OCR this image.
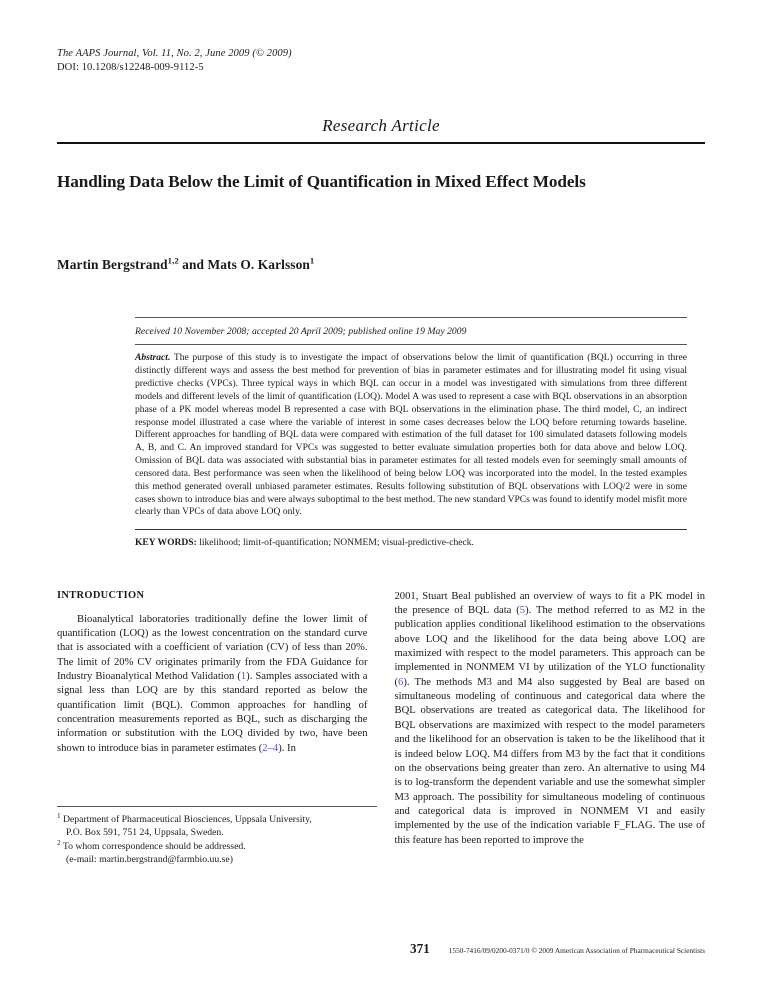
The AAPS Journal, Vol. 11, No. 2, June 2009 (© 2009)
DOI: 10.1208/s12248-009-9112-5
Research Article
Handling Data Below the Limit of Quantification in Mixed Effect Models
Martin Bergstrand$^{1,2}$ and Mats O. Karlsson$^1$
Received 10 November 2008; accepted 20 April 2009; published online 19 May 2009

Abstract. The purpose of this study is to investigate the impact of observations below the limit of quantification (BQL) occurring in three distinctly different ways and assess the best method for prevention of bias in parameter estimates and for illustrating model fit using visual predictive checks (VPCs). Three typical ways in which BQL can occur in a model was investigated with simulations from three different models and different levels of the limit of quantification (LOQ). Model A was used to represent a case with BQL observations in an absorption phase of a PK model whereas model B represented a case with BQL observations in the elimination phase. The third model, C, an indirect response model illustrated a case where the variable of interest in some cases decreases below the LOQ before returning towards baseline. Different approaches for handling of BQL data were compared with estimation of the full dataset for 100 simulated datasets following models A, B, and C. An improved standard for VPCs was suggested to better evaluate simulation properties both for data above and below LOQ. Omission of BQL data was associated with substantial bias in parameter estimates for all tested models even for seemingly small amounts of censored data. Best performance was seen when the likelihood of being below LOQ was incorporated into the model. In the tested examples this method generated overall unbiased parameter estimates. Results following substitution of BQL observations with LOQ/2 were in some cases shown to introduce bias and were always suboptimal to the best method. The new standard VPCs was found to identify model misfit more clearly than VPCs of data above LOQ only.

KEY WORDS: likelihood; limit-of-quantification; NONMEM; visual-predictive-check.
INTRODUCTION

Bioanalytical laboratories traditionally define the lower limit of quantification (LOQ) as the lowest concentration on the standard curve that is associated with a coefficient of variation (CV) of less than 20%. The limit of 20% CV originates primarily from the FDA Guidance for Industry Bioanalytical Method Validation (1). Samples associated with a signal less than LOQ are by this standard reported as below the quantification limit (BQL). Common approaches for handling of concentration measurements reported as BQL, such as discharging the information or substitution with the LOQ divided by two, have been shown to introduce bias in parameter estimates (2–4). In

$^1$ Department of Pharmaceutical Biosciences, Uppsala University,
P.O. Box 591, 751 24, Uppsala, Sweden.

$^2$ To whom correspondence should be addressed.
(e-mail: martin.bergstrand@farmbio.uu.se)

2001, Stuart Beal published an overview of ways to fit a PK model in the presence of BQL data (5). The method referred to as M2 in the publication applies conditional likelihood estimation to the observations above LOQ and the likelihood for the data being above LOQ are maximized with respect to the model parameters. This approach can be implemented in NONMEM VI by utilization of the YLO functionality (6). The methods M3 and M4 also suggested by Beal are based on simultaneous modeling of continuous and categorical data where the BQL observations are treated as categorical data. The likelihood for BQL observations are maximized with respect to the model parameters and the likelihood for an observation is taken to be the likelihood that it is indeed below LOQ. M4 differs from M3 by the fact that it conditions on the observations being greater than zero. An alternative to using M4 is to log-transform the dependent variable and use the somewhat simpler M3 approach. The possibility for simultaneous modeling of continuous and categorical data is improved in NONMEM VI and easily implemented by the use of the indication variable F_FLAG. The use of this feature has been reported to improve the

371	1550-7416/09/0200-0371/0 © 2009 American Association of Pharmaceutical Scientists
